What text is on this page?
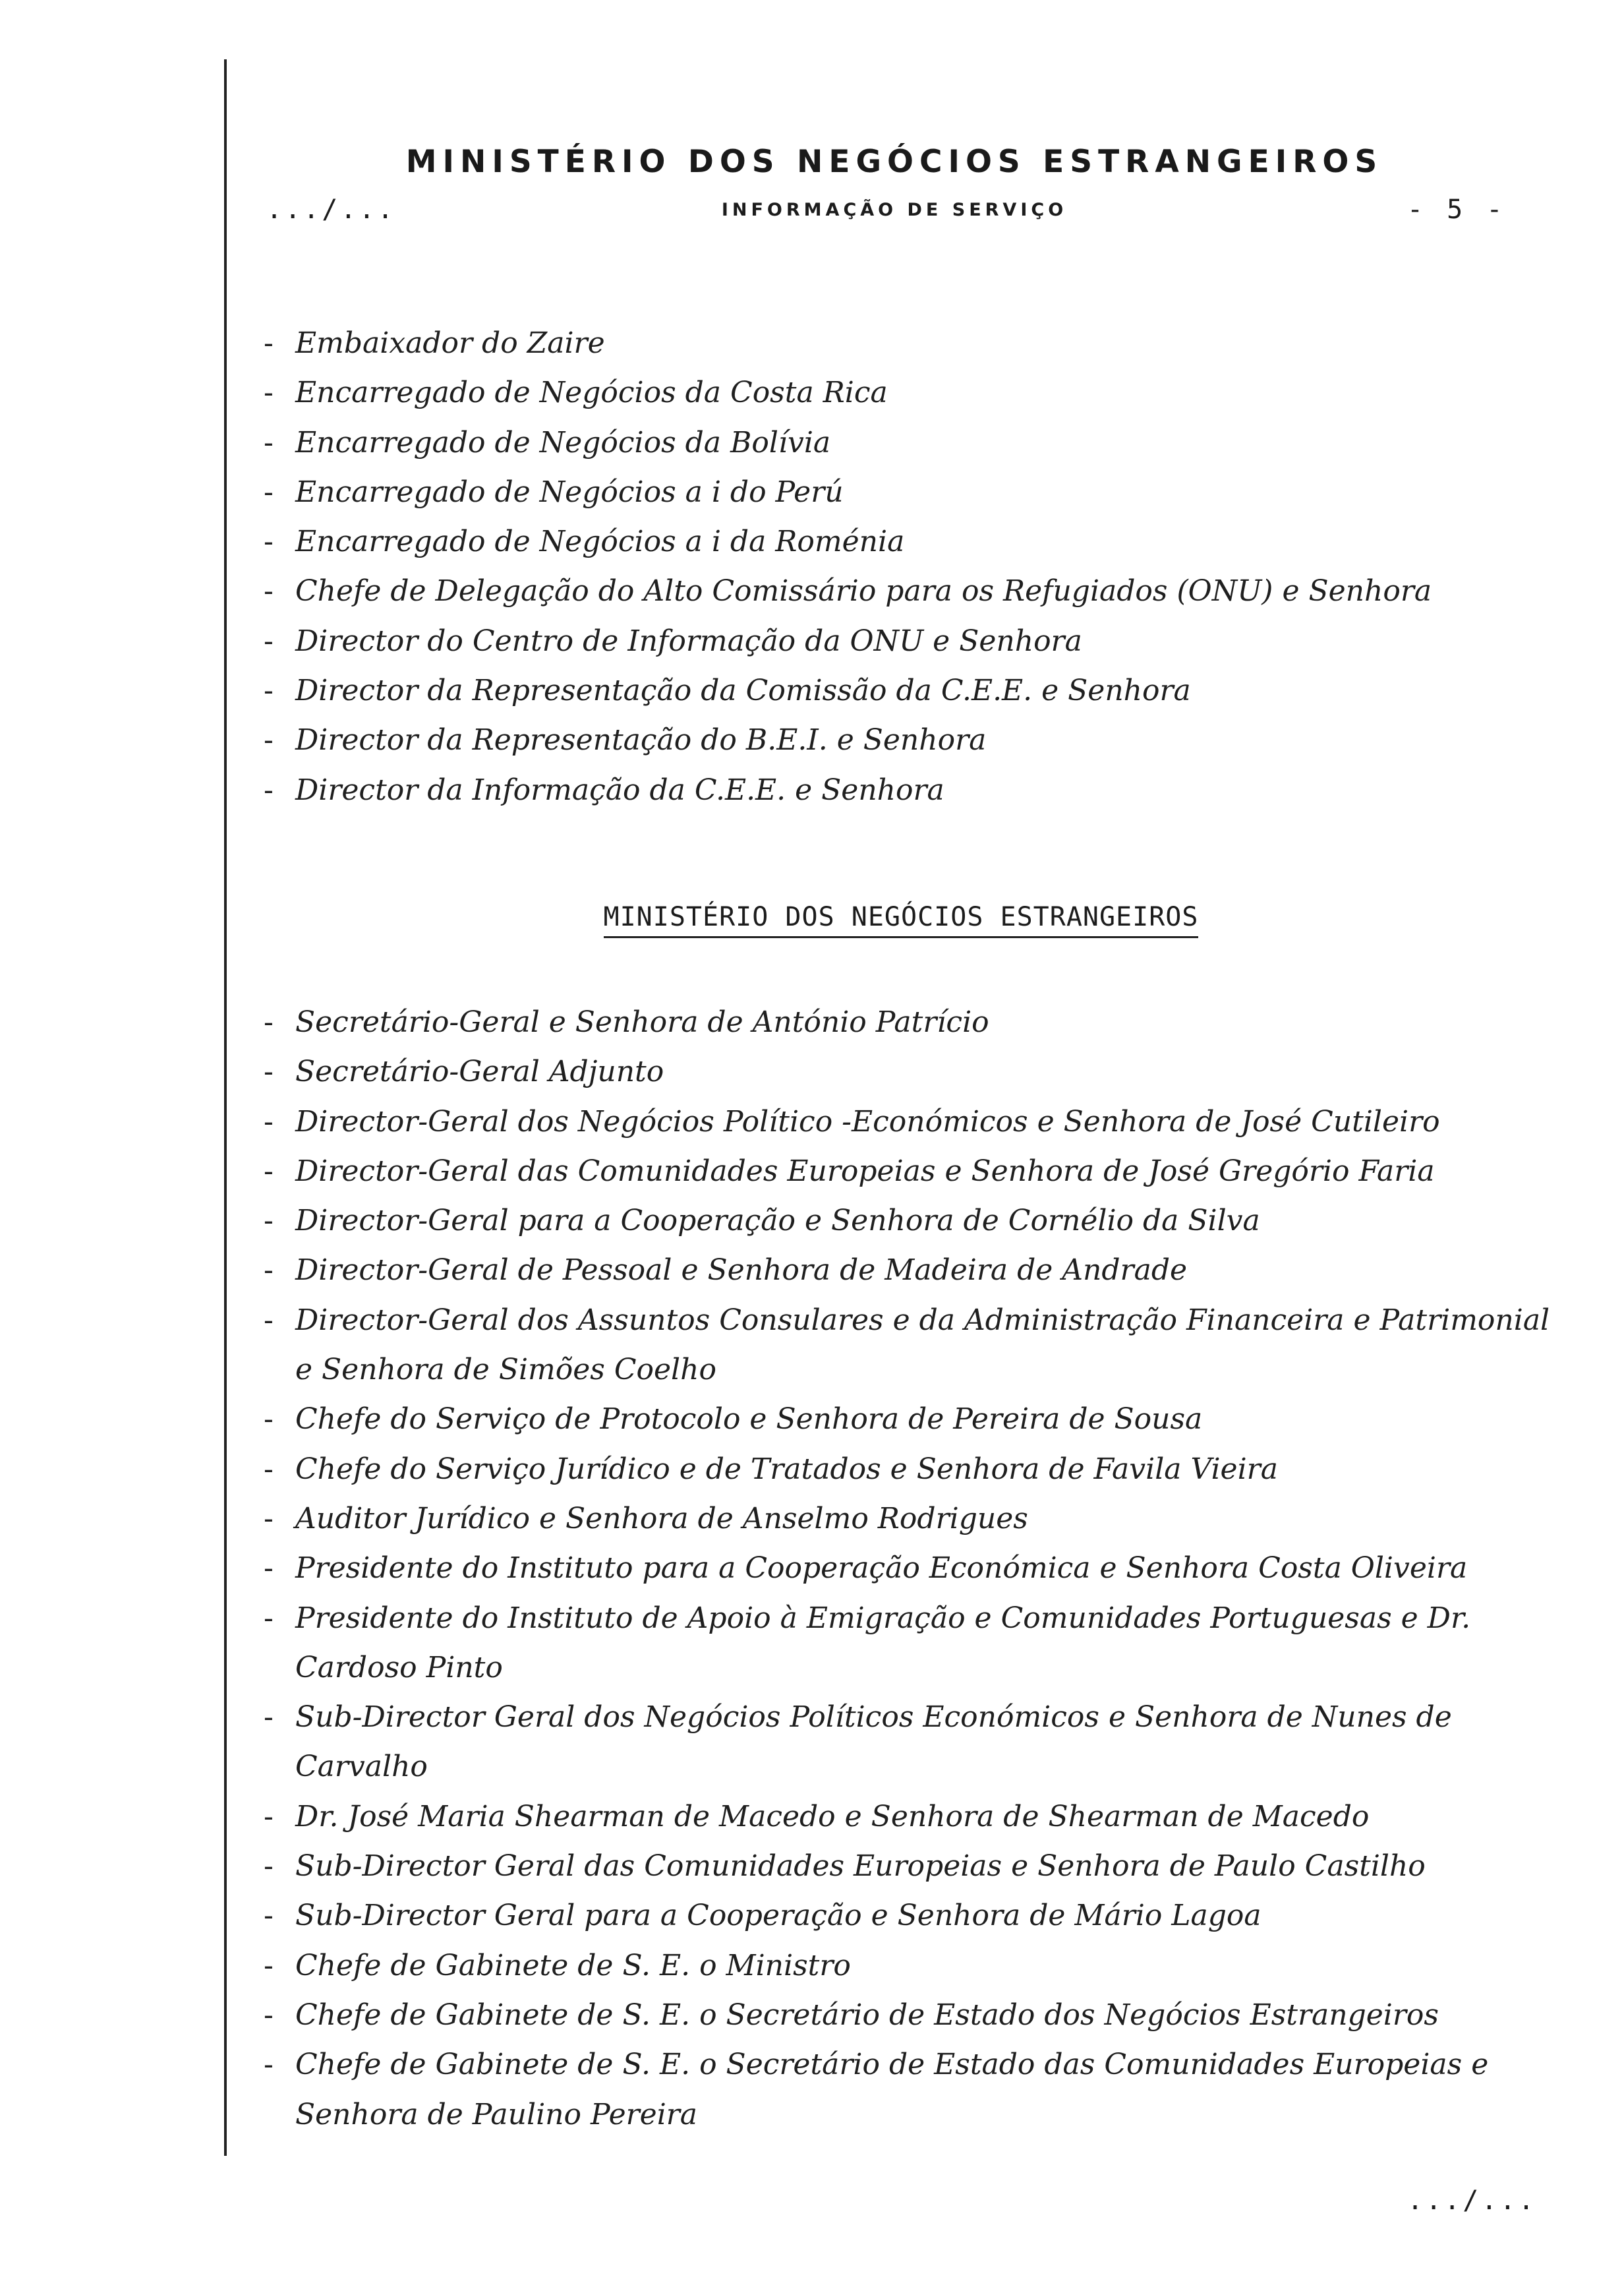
MINISTÉRIO DOS NEGÓCIOS ESTRANGEIROS
.../...	INFORMAÇÃO DE SERVIÇO	- 5 -
- Embaixador do Zaire
- Encarregado de Negócios da Costa Rica
- Encarregado de Negócios da Bolívia
- Encarregado de Negócios a i do Perú
- Encarregado de Negócios a i da Roménia
- Chefe de Delegação do Alto Comissário para os Refugiados (ONU) e Senhora
- Director do Centro de Informação da ONU e Senhora
- Director da Representação da Comissão da C.E.E. e Senhora
- Director da Representação do B.E.I. e Senhora
- Director da Informação da C.E.E. e Senhora
MINISTÉRIO DOS NEGÓCIOS ESTRANGEIROS
- Secretário-Geral e Senhora de António Patrício
- Secretário-Geral Adjunto
- Director-Geral dos Negócios Político -Económicos e Senhora de José Cutileiro
- Director-Geral das Comunidades Europeias e Senhora de José Gregório Faria
- Director-Geral para a Cooperação e Senhora de Cornélio da Silva
- Director-Geral de Pessoal e Senhora de Madeira de Andrade
- Director-Geral dos Assuntos Consulares e da Administração Financeira e Patrimonial e Senhora de Simões Coelho
- Chefe do Serviço de Protocolo e Senhora de Pereira de Sousa
- Chefe do Serviço Jurídico e de Tratados e Senhora de Favila Vieira
- Auditor Jurídico e Senhora de Anselmo Rodrigues
- Presidente do Instituto para a Cooperação Económica e Senhora Costa Oliveira
- Presidente do Instituto de Apoio à Emigração e Comunidades Portuguesas e Dr. Cardoso Pinto
- Sub-Director Geral dos Negócios Políticos Económicos e Senhora de Nunes de Carvalho
- Dr. José Maria Shearman de Macedo e Senhora de Shearman de Macedo
- Sub-Director Geral das Comunidades Europeias e Senhora de Paulo Castilho
- Sub-Director Geral para a Cooperação e Senhora de Mário Lagoa
- Chefe de Gabinete de S. E. o Ministro
- Chefe de Gabinete de S. E. o Secretário de Estado dos Negócios Estrangeiros
- Chefe de Gabinete de S. E. o Secretário de Estado das Comunidades Europeias e Senhora de Paulino Pereira
.../...
